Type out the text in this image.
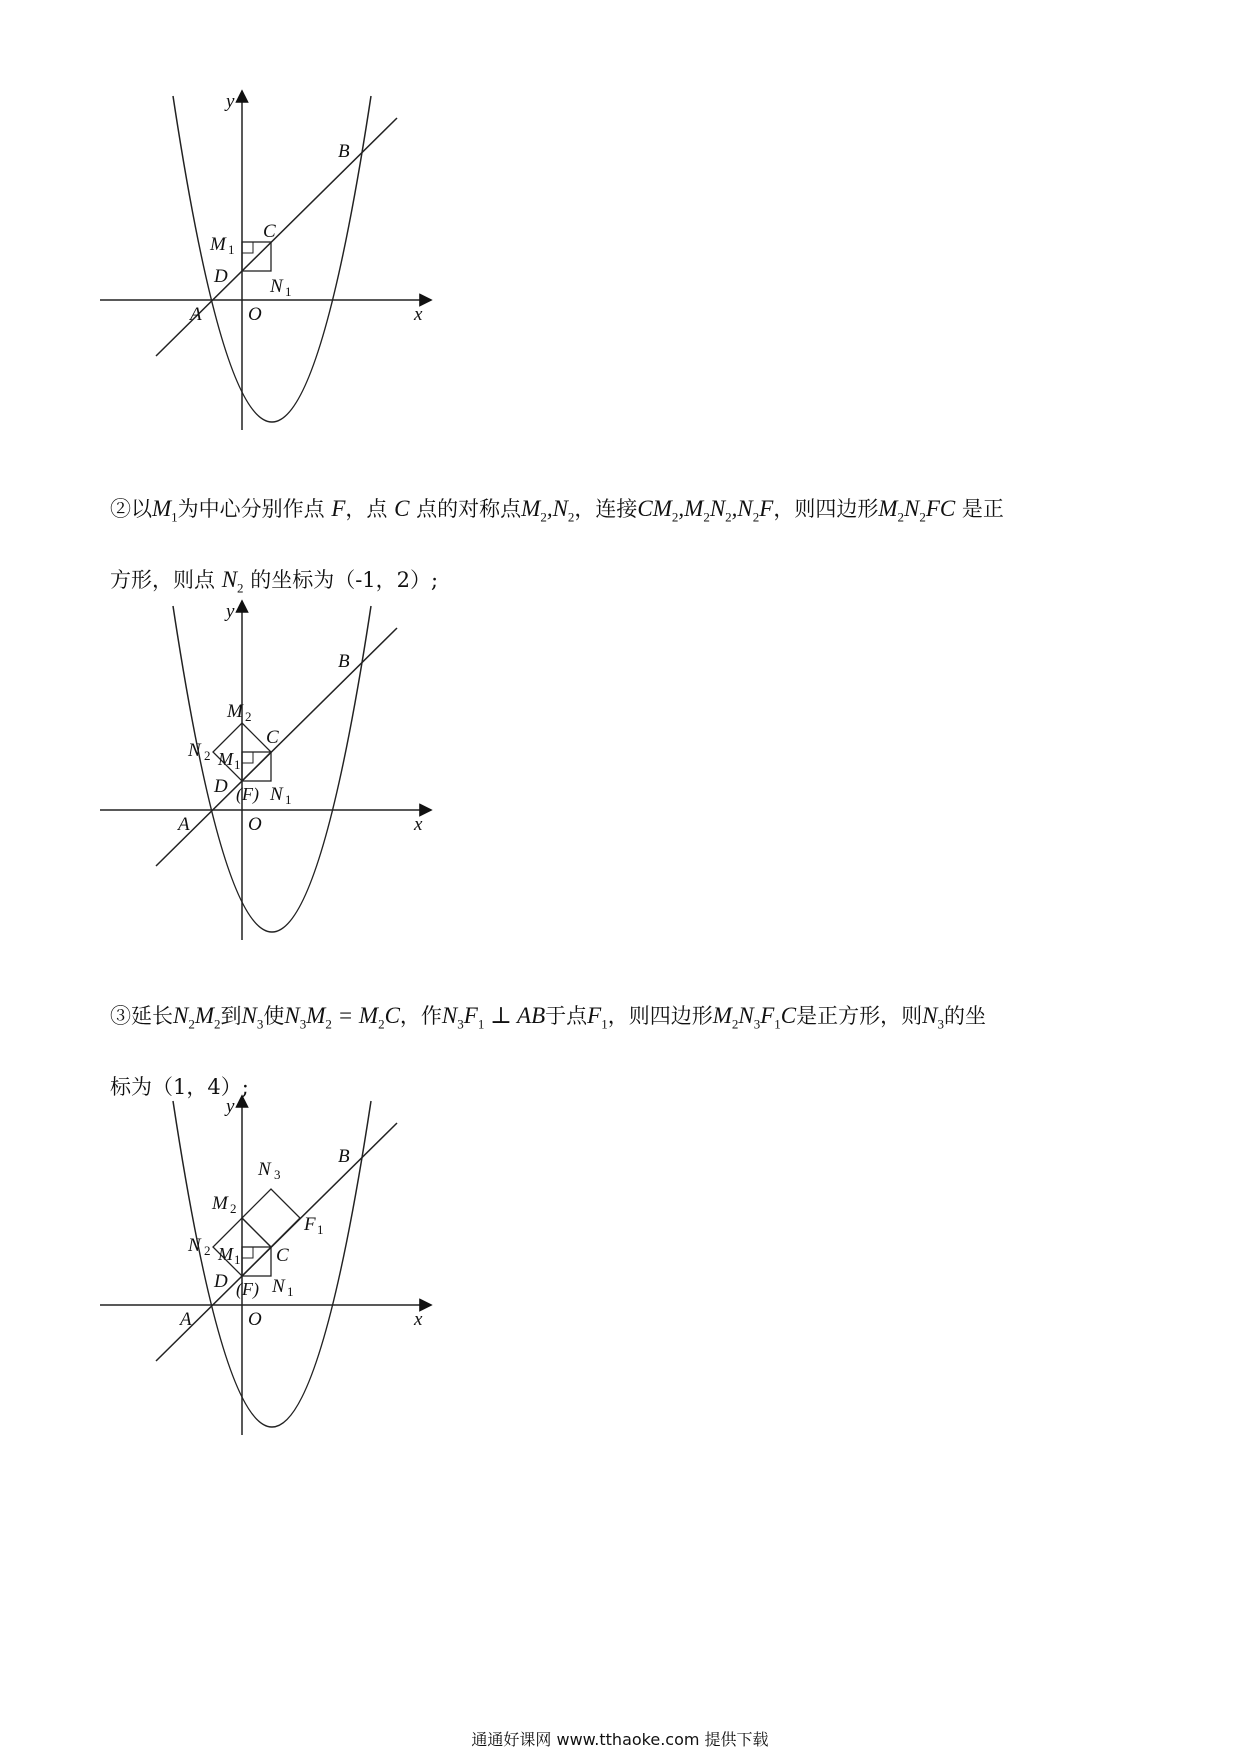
y
x
O
A
B
C
D
M 1
N 1
②以$M_1$为中心分别作点 F，点 C 点的对称点$M_2,N_2$，连接$CM_2,M_2N_2,N_2F$，则四边形$M_2N_2FC$ 是正
方形，则点 $N_2$ 的坐标为（-1，2）;
y
x
O
A
B
C
D
M 1
N 1
M 2
N 2
(F)
③延长$N_2M_2$到$N_3$使$N_3M_2 = M_2C$，作$N_3F_1$ ⊥ AB于点$F_1$，则四边形$M_2N_3F_1C$是正方形，则$N_3$的坐
标为（1，4）;
y
x
O
A
B
C
D
M 1
N 1
M 2
N 2
(F)
N 3
F 1
通通好课网 www.tthaoke.com 提供下载
